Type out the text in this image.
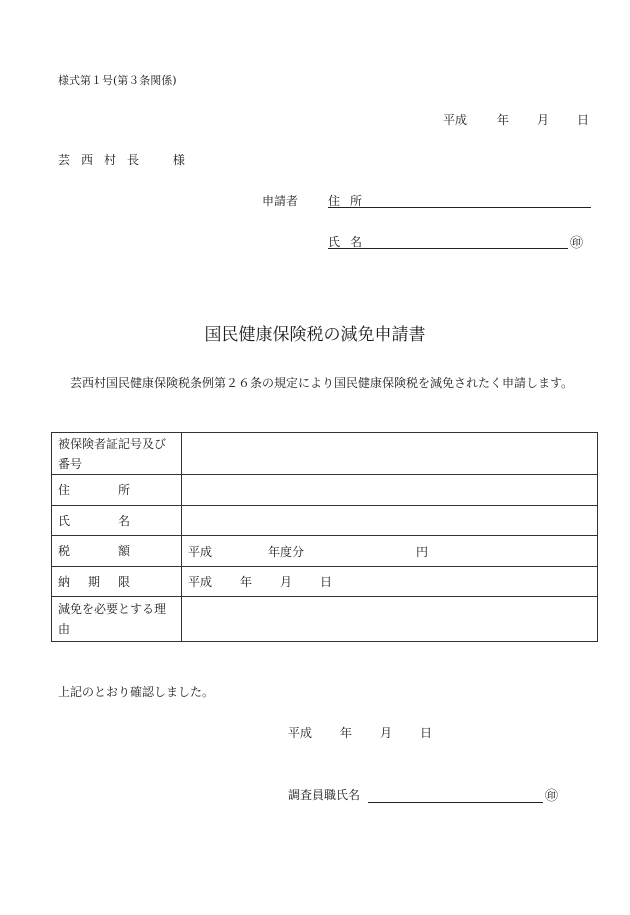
様式第１号(第３条関係)
平成	年 月 日
芸西村長 様
申請者 住所
氏名	㊞
国民健康保険税の減免申請書
芸西村国民健康保険税条例第２６条の規定により国民健康保険税を減免されたく申請します。
被保険者証記号及び番号	

住 所	

氏 名	

税 額	平成 年度分 円

納 期 限	平成 年 月 日
減免を必要とする理由	
上記のとおり確認しました。
平成 年 月 日
調査員職氏名	㊞
